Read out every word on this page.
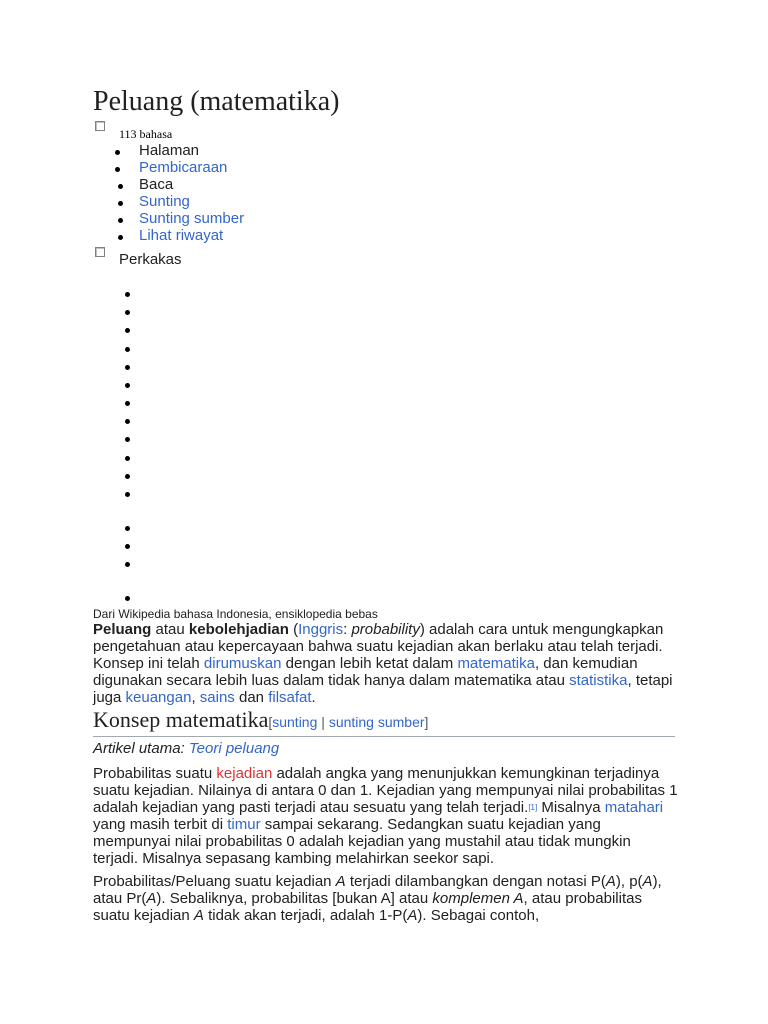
Peluang (matematika)
113 bahasa
Halaman
Pembicaraan
Baca
Sunting
Sunting sumber
Lihat riwayat
Perkakas
Dari Wikipedia bahasa Indonesia, ensiklopedia bebas

Peluang atau kebolehjadian (Inggris: probability) adalah cara untuk mengungkapkan pengetahuan atau kepercayaan bahwa suatu kejadian akan berlaku atau telah terjadi. Konsep ini telah dirumuskan dengan lebih ketat dalam matematika, dan kemudian digunakan secara lebih luas dalam tidak hanya dalam matematika atau statistika, tetapi juga keuangan, sains dan filsafat.

Konsep matematika[sunting | sunting sumber]
Artikel utama: Teori peluang

Probabilitas suatu kejadian adalah angka yang menunjukkan kemungkinan terjadinya suatu kejadian. Nilainya di antara 0 dan 1. Kejadian yang mempunyai nilai probabilitas 1 adalah kejadian yang pasti terjadi atau sesuatu yang telah terjadi.[1] Misalnya matahari yang masih terbit di timur sampai sekarang. Sedangkan suatu kejadian yang mempunyai nilai probabilitas 0 adalah kejadian yang mustahil atau tidak mungkin terjadi. Misalnya sepasang kambing melahirkan seekor sapi.

Probabilitas/Peluang suatu kejadian A terjadi dilambangkan dengan notasi P(A), p(A), atau Pr(A). Sebaliknya, probabilitas [bukan A] atau komplemen A, atau probabilitas suatu kejadian A tidak akan terjadi, adalah 1-P(A). Sebagai contoh,
